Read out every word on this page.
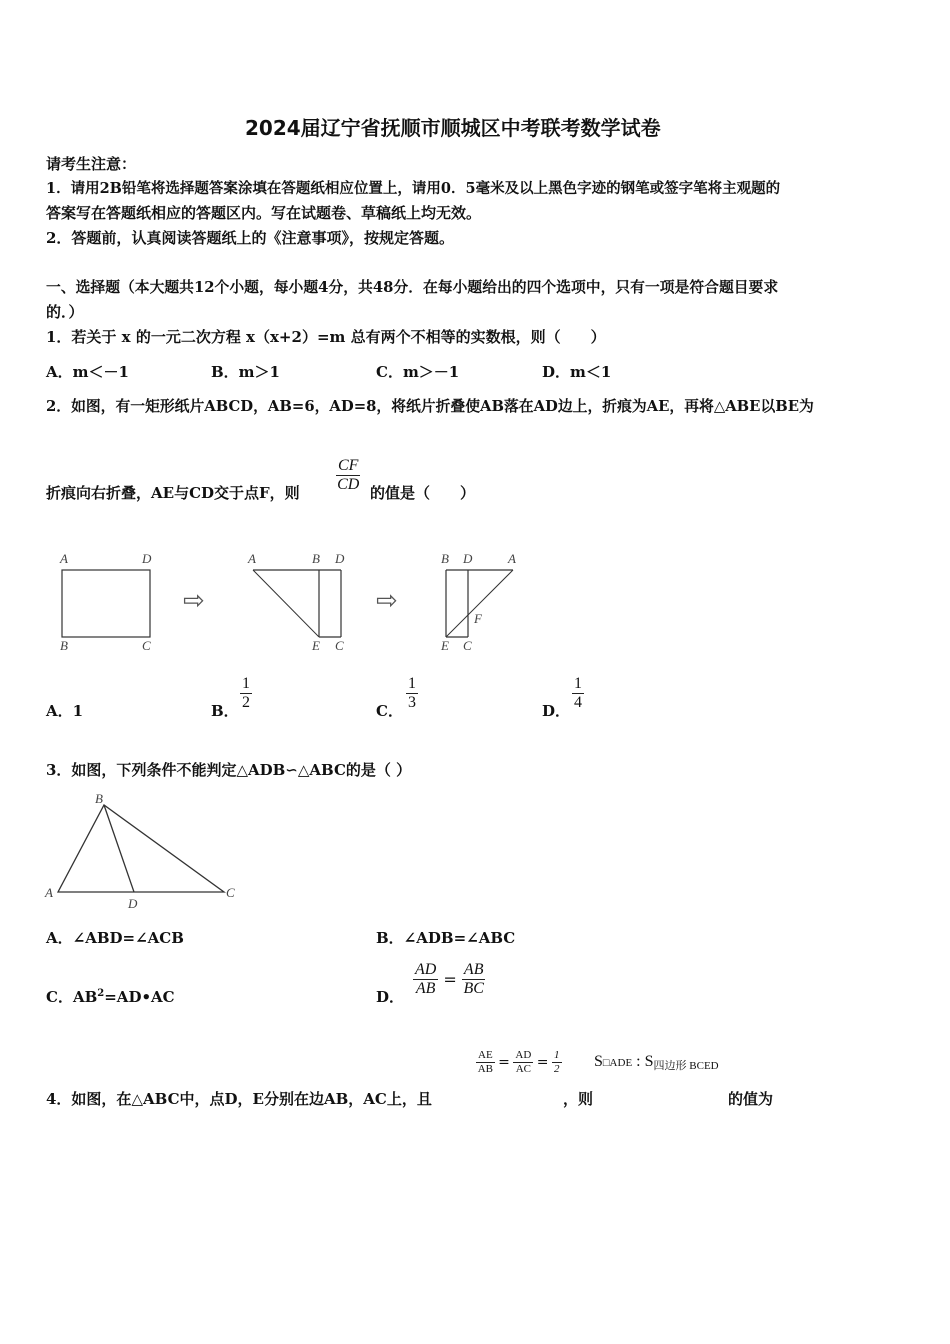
2024届辽宁省抚顺市顺城区中考联考数学试卷
请考生注意：
1．请用2B铅笔将选择题答案涂填在答题纸相应位置上，请用0．5毫米及以上黑色字迹的钢笔或签字笔将主观题的
答案写在答题纸相应的答题区内。写在试题卷、草稿纸上均无效。
2．答题前，认真阅读答题纸上的《注意事项》，按规定答题。
一、选择题（本大题共12个小题，每小题4分，共48分．在每小题给出的四个选项中，只有一项是符合题目要求
的．）
1．若关于 x 的一元二次方程 x（x+2）=m 总有两个不相等的实数根，则（　　）
A．m＜－1	B．m＞1	C．m＞－1	D．m＜1
2．如图，有一矩形纸片ABCD，AB=6，AD=8，将纸片折叠使AB落在AD边上，折痕为AE，再将△ABE以BE为
折痕向右折叠，AE与CD交于点F，则 $\frac{CF}{CD}$ 的值是（　　）
A	D
B	C
⇨
A	B D
E C
⇨
B D	A
F
E C
A．1	B． $\frac{1}{2}$	C． $\frac{1}{3}$	D． $\frac{1}{4}$
3．如图，下列条件不能判定△ADB∽△ABC的是（ ）
B
A
D
C
A．∠ABD=∠ACB	B．∠ADB=∠ABC
C．$AB^2=AD•AC$	D． $\frac{AD}{AB} = \frac{AB}{BC}$
4．如图，在△ABC中，点D，E分别在边AB，AC上，且
$\frac{AE}{AB} = \frac{AD}{AC} = \frac{1}{2}$
，则
S□ADE : S四边形 BCED
的值为
